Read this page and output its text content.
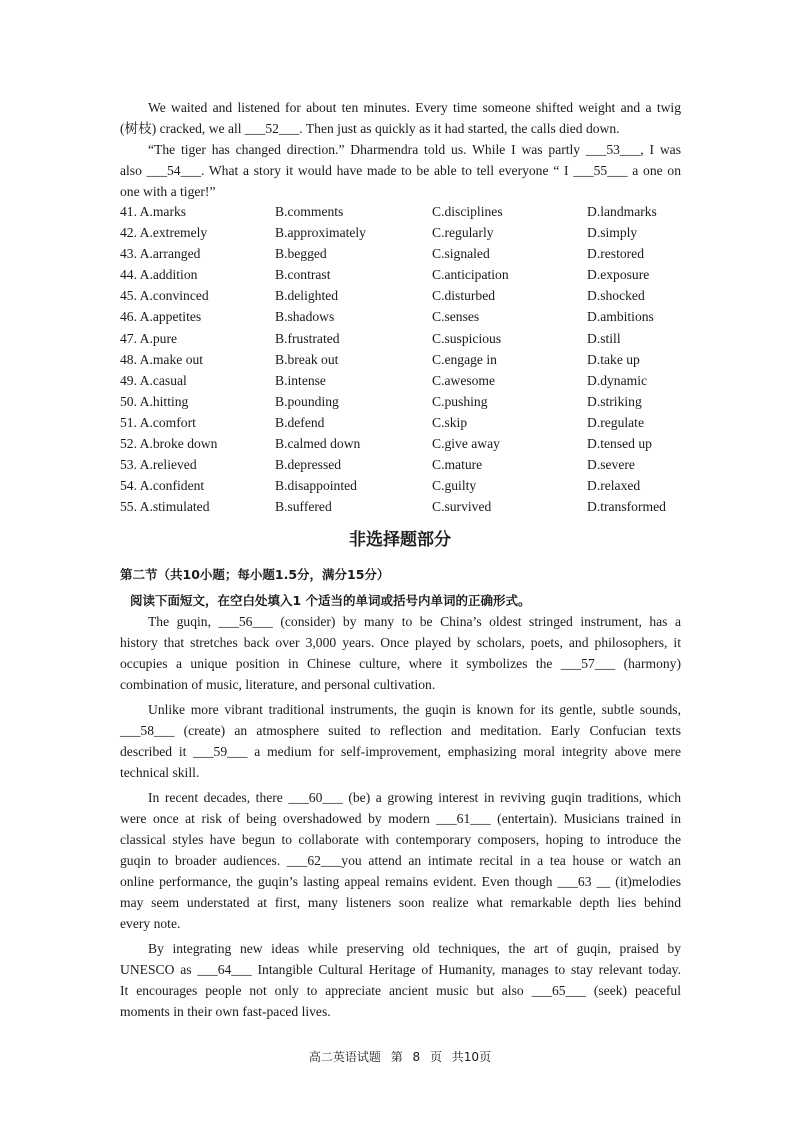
We waited and listened for about ten minutes. Every time someone shifted weight and a twig
(树枝) cracked, we all ___52___. Then just as quickly as it had started, the calls died down.
“The tiger has changed direction.” Dharmendra told us. While I was partly ___53___, I was
also ___54___. What a story it would have made to be able to tell everyone “ I ___55___ a one on
one with a tiger!”
41. A.marks	B.comments	C.disciplines	D.landmarks
42. A.extremely	B.approximately	C.regularly	D.simply
43. A.arranged	B.begged	C.signaled	D.restored
44. A.addition	B.contrast	C.anticipation	D.exposure
45. A.convinced	B.delighted	C.disturbed	D.shocked
46. A.appetites	B.shadows	C.senses	D.ambitions
47. A.pure	B.frustrated	C.suspicious	D.still
48. A.make out	B.break out	C.engage in	D.take up
49. A.casual	B.intense	C.awesome	D.dynamic
50. A.hitting	B.pounding	C.pushing	D.striking
51. A.comfort	B.defend	C.skip	D.regulate
52. A.broke down	B.calmed down	C.give away	D.tensed up
53. A.relieved	B.depressed	C.mature	D.severe
54. A.confident	B.disappointed	C.guilty	D.relaxed
55. A.stimulated	B.suffered	C.survived	D.transformed
非选择题部分
第二节（共10小题；每小题1.5分，满分15分）
阅读下面短文，在空白处填入1 个适当的单词或括号内单词的正确形式。
The guqin, ___56___ (consider) by many to be China’s oldest stringed instrument, has a
history that stretches back over 3,000 years. Once played by scholars, poets, and philosophers, it
occupies a unique position in Chinese culture, where it symbolizes the ___57___ (harmony)
combination of music, literature, and personal cultivation.
Unlike more vibrant traditional instruments, the guqin is known for its gentle, subtle sounds,
___58___ (create) an atmosphere suited to reflection and meditation. Early Confucian texts
described it ___59___ a medium for self-improvement, emphasizing moral integrity above mere
technical skill.
In recent decades, there ___60___ (be) a growing interest in reviving guqin traditions, which
were once at risk of being overshadowed by modern ___61___ (entertain). Musicians trained in
classical styles have begun to collaborate with contemporary composers, hoping to introduce the
guqin to broader audiences. ___62___you attend an intimate recital in a tea house or watch an
online performance, the guqin’s lasting appeal remains evident. Even though ___63 __ (it)melodies
may seem understated at first, many listeners soon realize what remarkable depth lies behind
every note.
By integrating new ideas while preserving old techniques, the art of guqin, praised by
UNESCO as ___64___ Intangible Cultural Heritage of Humanity, manages to stay relevant today.
It encourages people not only to appreciate ancient music but also ___65___ (seek) peaceful
moments in their own fast-paced lives.
高二英语试题 第 8 页 共10页
